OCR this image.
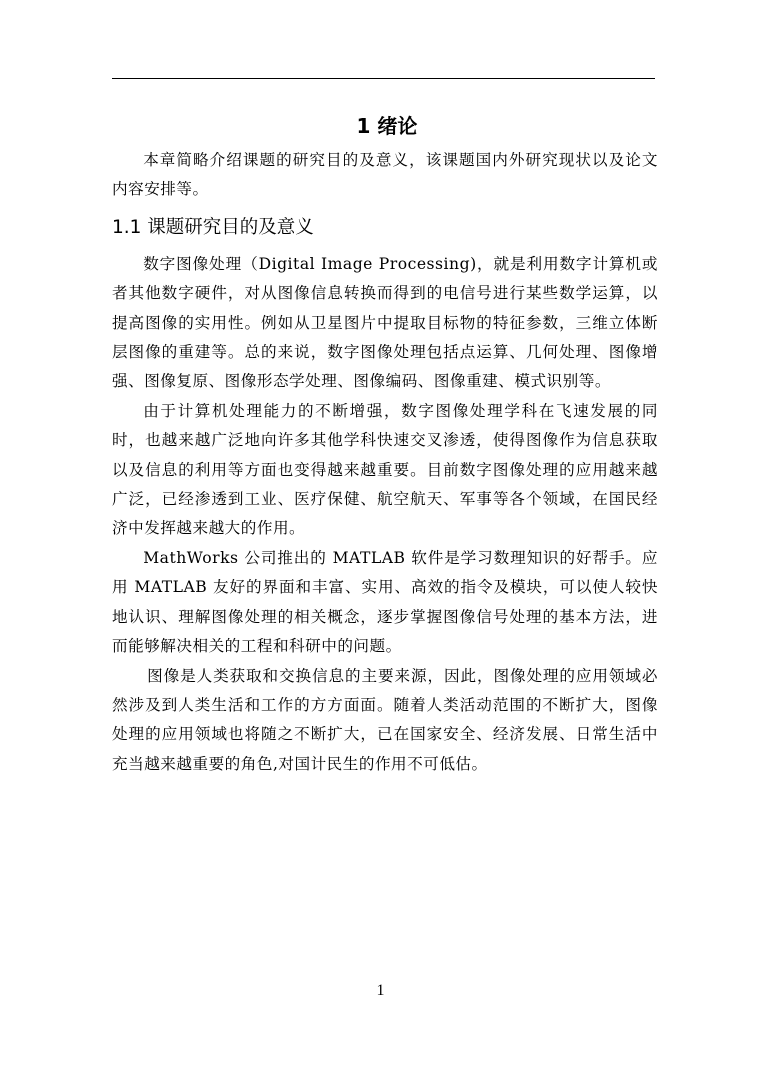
1 绪论

本章简略介绍课题的研究目的及意义，该课题国内外研究现状以及论文内容安排等。

1.1 课题研究目的及意义

数字图像处理（Digital Image Processing)，就是利用数字计算机或者其他数字硬件，对从图像信息转换而得到的电信号进行某些数学运算，以提高图像的实用性。例如从卫星图片中提取目标物的特征参数，三维立体断层图像的重建等。总的来说，数字图像处理包括点运算、几何处理、图像增强、图像复原、图像形态学处理、图像编码、图像重建、模式识别等。

由于计算机处理能力的不断增强，数字图像处理学科在飞速发展的同时，也越来越广泛地向许多其他学科快速交叉渗透，使得图像作为信息获取以及信息的利用等方面也变得越来越重要。目前数字图像处理的应用越来越广泛，已经渗透到工业、医疗保健、航空航天、军事等各个领域，在国民经济中发挥越来越大的作用。

MathWorks 公司推出的 MATLAB 软件是学习数理知识的好帮手。应用 MATLAB 友好的界面和丰富、实用、高效的指令及模块，可以使人较快地认识、理解图像处理的相关概念，逐步掌握图像信号处理的基本方法，进而能够解决相关的工程和科研中的问题。

图像是人类获取和交换信息的主要来源，因此，图像处理的应用领域必然涉及到人类生活和工作的方方面面。随着人类活动范围的不断扩大，图像处理的应用领域也将随之不断扩大，已在国家安全、经济发展、日常生活中充当越来越重要的角色,对国计民生的作用不可低估。

1
